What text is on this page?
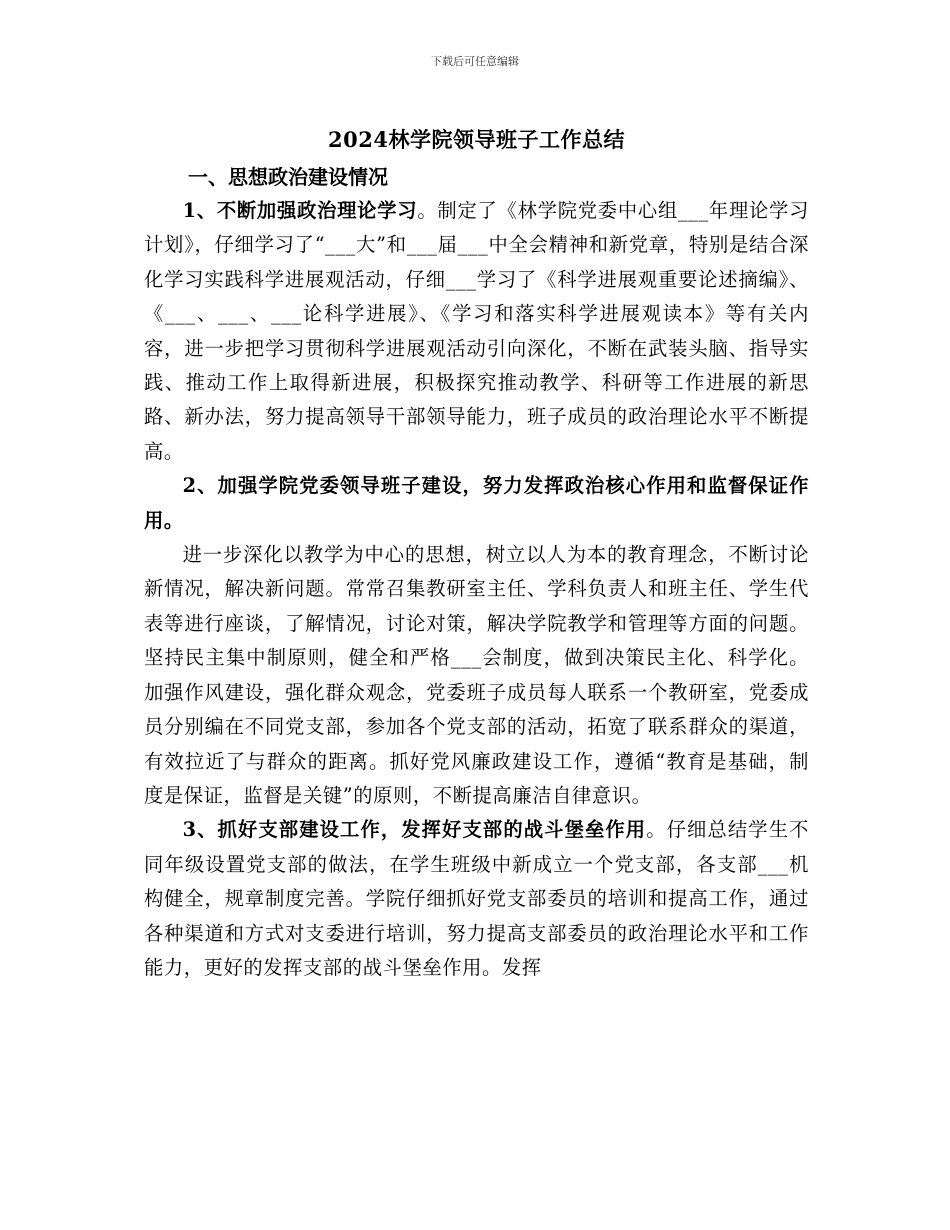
下载后可任意编辑
2024林学院领导班子工作总结
一、思想政治建设情况

1、不断加强政治理论学习。制定了《林学院党委中心组___年理论学习计划》，仔细学习了“___大”和___届___中全会精神和新党章，特别是结合深化学习实践科学进展观活动，仔细___学习了《科学进展观重要论述摘编》、《___、___、___论科学进展》、《学习和落实科学进展观读本》等有关内容，进一步把学习贯彻科学进展观活动引向深化，不断在武装头脑、指导实践、推动工作上取得新进展，积极探究推动教学、科研等工作进展的新思路、新办法，努力提高领导干部领导能力，班子成员的政治理论水平不断提高。

2、加强学院党委领导班子建设，努力发挥政治核心作用和监督保证作用。

进一步深化以教学为中心的思想，树立以人为本的教育理念，不断讨论新情况，解决新问题。常常召集教研室主任、学科负责人和班主任、学生代表等进行座谈，了解情况，讨论对策，解决学院教学和管理等方面的问题。坚持民主集中制原则，健全和严格___会制度，做到决策民主化、科学化。加强作风建设，强化群众观念，党委班子成员每人联系一个教研室，党委成员分别编在不同党支部，参加各个党支部的活动，拓宽了联系群众的渠道，有效拉近了与群众的距离。抓好党风廉政建设工作，遵循“教育是基础，制度是保证，监督是关键”的原则，不断提高廉洁自律意识。

3、抓好支部建设工作，发挥好支部的战斗堡垒作用。仔细总结学生不同年级设置党支部的做法，在学生班级中新成立一个党支部，各支部___机构健全，规章制度完善。学院仔细抓好党支部委员的培训和提高工作，通过各种渠道和方式对支委进行培训，努力提高支部委员的政治理论水平和工作能力，更好的发挥支部的战斗堡垒作用。发挥
